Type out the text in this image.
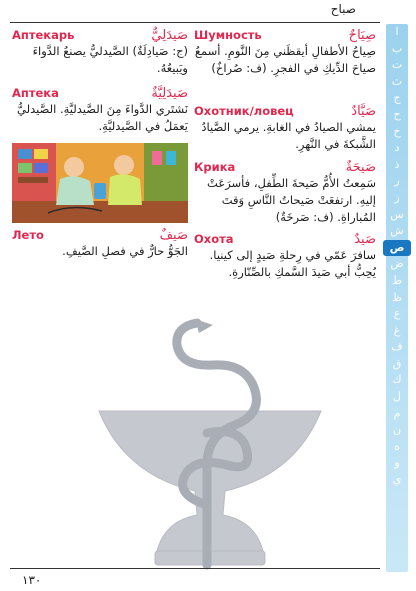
صباح
ا
ب
ت
ث
ج
ح
خ
د
ذ
ر
ز
س
ش
ص
ض
ط
ظ
ع
غ
ف
ق
ك
ل
م
ن
ه
و
ي
Шумность	صِيَاحٌ

صِياحُ الأطفالِ أيقظَني مِنَ النَّومِ. أسمعُ صياحَ الدِّيكِ في الفجرِ. (ف: صُراخٌ)

Охотник/ловец	صَيَّادٌ

يمشي الصيادُ في الغابةِ. يرمي الصَّيادُ الشَّبكةَ في النَّهرِ.

Крика	صَيحَةٌ

سَمِعتُ الأُمُّ صَيحةَ الطِّفلِ، فأسرَعَتْ إليهِ. ارتفعَتْ صَيحاتُ النَّاسِ وَقتَ المُباراةِ. (ف: صَرخَةٌ)

Охота	صَيدٌ

سافرَ عَمّي في رِحلةِ صَيدٍ إلى كينيا. يُحِبُّ أبي صَيدَ السَّمكِ بالصِّنّارةِ.

Аптекарь	صَيدَلِيٌّ

(ج: صَيادِلَةٌ) الصَّيدليُّ يصنعُ الدَّواءَ ويَبيعُهُ.

Аптека	صَيدَلِيَّةٌ

نَشتَري الدَّواءَ مِنَ الصَّيدليَّةِ. الصَّيدليُّ يَعمَلُ في الصَّيدليَّةِ.

Лето	صَيفٌ

الجَوُّ حارٌّ في فصلِ الصَّيفِ.

١٣٠
